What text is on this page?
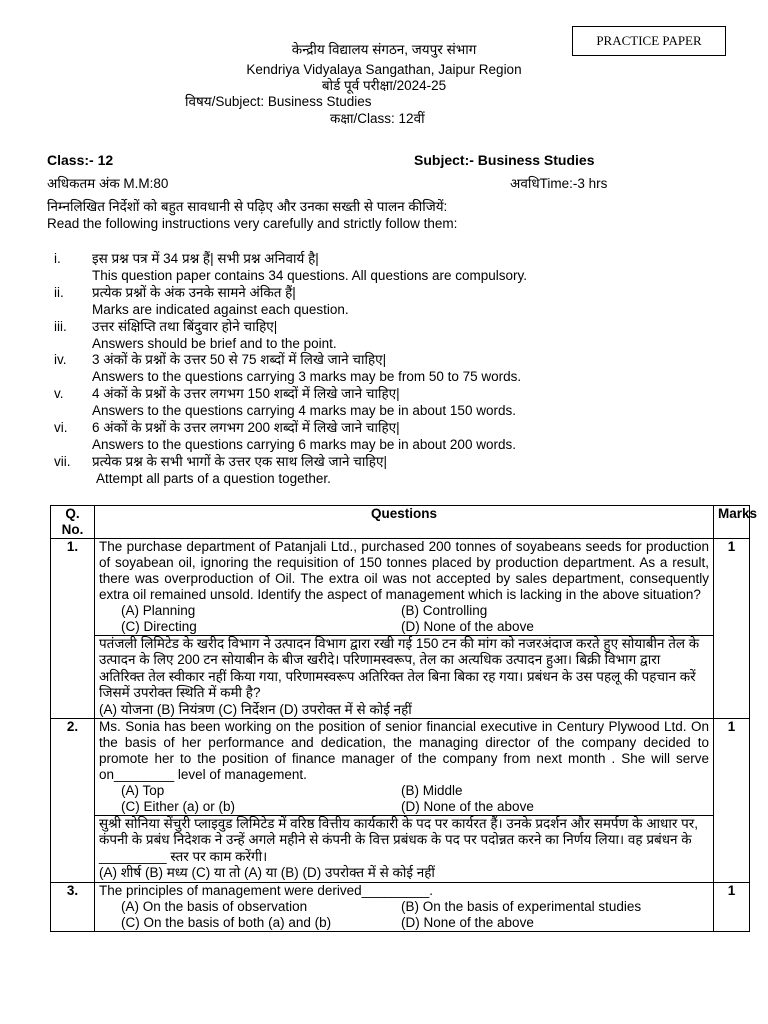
PRACTICE PAPER
केन्द्रीय विद्यालय संगठन, जयपुर संभाग
Kendriya Vidyalaya Sangathan, Jaipur Region
बोर्ड पूर्व परीक्षा/2024-25
विषय/Subject: Business Studies
कक्षा/Class: 12वीं
Class:- 12	Subject:- Business Studies
अधिकतम अंक M.M:80	अवधिTime:-3 hrs
निम्नलिखित निर्देशों को बहुत सावधानी से पढ़िए और उनका सख्ती से पालन कीजियें:
Read the following instructions very carefully and strictly follow them:
i.	इस प्रश्न पत्र में 34 प्रश्न हैं| सभी प्रश्न अनिवार्य है|
This question paper contains 34 questions. All questions are compulsory.
ii.	प्रत्येक प्रश्नों के अंक उनके सामने अंकित हैं|
Marks are indicated against each question.
iii.	उत्तर संक्षिप्ति तथा बिंदुवार होने चाहिए|
Answers should be brief and to the point.
iv.	3 अंकों के प्रश्नों के उत्तर 50 से 75 शब्दों में लिखे जाने चाहिए|
Answers to the questions carrying 3 marks may be from 50 to 75 words.
v.	4 अंकों के प्रश्नों के उत्तर लगभग 150 शब्दों में लिखे जाने चाहिए|
Answers to the questions carrying 4 marks may be in about 150 words.
vi.	6 अंकों के प्रश्नों के उत्तर लगभग 200 शब्दों में लिखे जाने चाहिए|
Answers to the questions carrying 6 marks may be in about 200 words.
vii.	प्रत्येक प्रश्न के सभी भागों के उत्तर एक साथ लिखे जाने चाहिए|
Attempt all parts of a question together.
Q. No.	Questions	Marks
1.	The purchase department of Patanjali Ltd., purchased 200 tonnes of soyabeans seeds for production of soyabean oil, ignoring the requisition of 150 tonnes placed by production department. As a result, there was overproduction of Oil. The extra oil was not accepted by sales department, consequently extra oil remained unsold. Identify the aspect of management which is lacking in the above situation?
(A) Planning (B) Controlling
(C) Directing (D) None of the above	1

	पतंजली लिमिटेड के खरीद विभाग ने उत्पादन विभाग द्वारा रखी गई 150 टन की मांग को नजरअंदाज करते हुए सोयाबीन तेल के उत्पादन के लिए 200 टन सोयाबीन के बीज खरीदे। परिणामस्वरूप, तेल का अत्यधिक उत्पादन हुआ। बिक्री विभाग द्वारा अतिरिक्त तेल स्वीकार नहीं किया गया, परिणामस्वरूप अतिरिक्त तेल बिना बिका रह गया। प्रबंधन के उस पहलू की पहचान करें जिसमें उपरोक्त स्थिति में कमी है?
(A) योजना (B) नियंत्रण (C) निर्देशन (D) उपरोक्त में से कोई नहीं	

2.	Ms. Sonia has been working on the position of senior financial executive in Century Plywood Ltd. On the basis of her performance and dedication, the managing director of the company decided to promote her to the position of finance manager of the company from next month . She will serve on________ level of management.
(A) Top (B) Middle
(C) Either (a) or (b) (D) None of the above	1

	सुश्री सोनिया सेंचुरी प्लाइवुड लिमिटेड में वरिष्ठ वित्तीय कार्यकारी के पद पर कार्यरत हैं। उनके प्रदर्शन और समर्पण के आधार पर, कंपनी के प्रबंध निदेशक ने उन्हें अगले महीने से कंपनी के वित्त प्रबंधक के पद पर पदोन्नत करने का निर्णय लिया। वह प्रबंधन के _________ स्तर पर काम करेंगी।
(A) शीर्ष (B) मध्य (C) या तो (A) या (B) (D) उपरोक्त में से कोई नहीं	

3.	The principles of management were derived_________.
(A) On the basis of observation (B) On the basis of experimental studies
(C) On the basis of both (a) and (b) (D) None of the above	1
